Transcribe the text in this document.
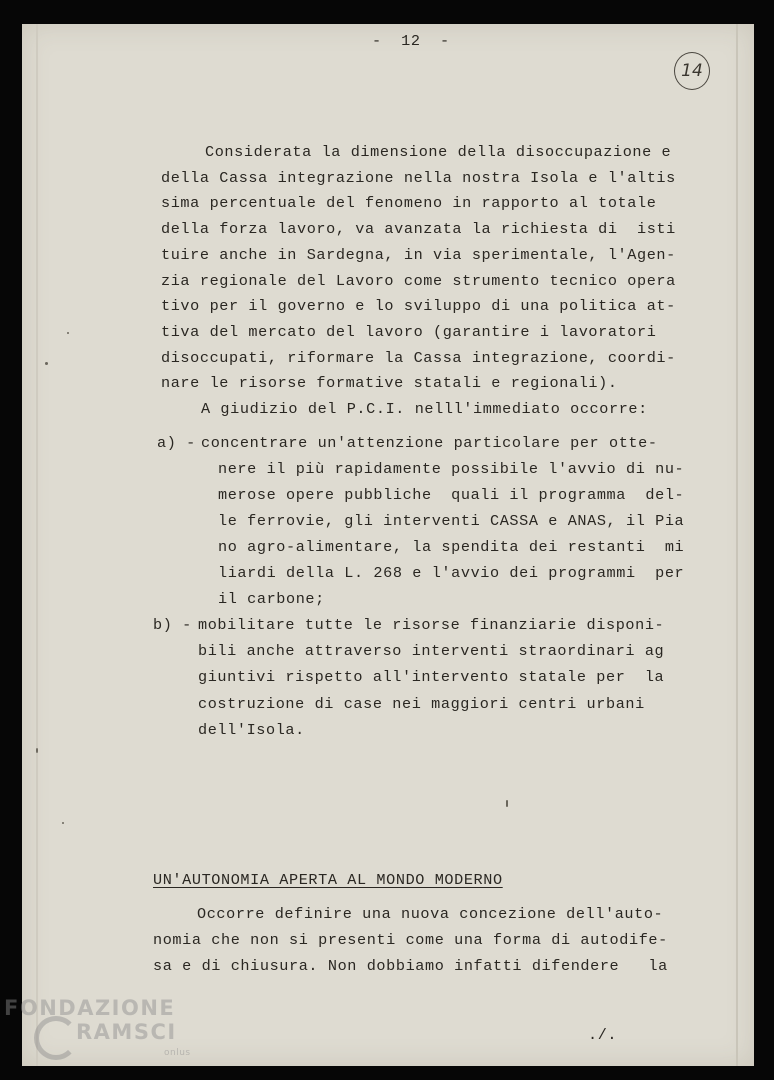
-  12  -
14
Considerata la dimensione della disoccupazione e
della Cassa integrazione nella nostra Isola e l'altis
sima percentuale del fenomeno in rapporto al totale
della forza lavoro, va avanzata la richiesta di  isti
tuire anche in Sardegna, in via sperimentale, l'Agen-
zia regionale del Lavoro come strumento tecnico opera
tivo per il governo e lo sviluppo di una politica at-
tiva del mercato del lavoro (garantire i lavoratori
disoccupati, riformare la Cassa integrazione, coordi-
nare le risorse formative statali e regionali).
A giudizio del P.C.I. nelll'immediato occorre:
a) - concentrare un'attenzione particolare per otte-
nere il più rapidamente possibile l'avvio di nu-
merose opere pubbliche  quali il programma  del-
le ferrovie, gli interventi CASSA e ANAS, il Pia
no agro-alimentare, la spendita dei restanti  mi
liardi della L. 268 e l'avvio dei programmi  per
il carbone;
b) - mobilitare tutte le risorse finanziarie disponi-
bili anche attraverso interventi straordinari ag
giuntivi rispetto all'intervento statale per  la
costruzione di case nei maggiori centri urbani
dell'Isola.
UN'AUTONOMIA APERTA AL MONDO MODERNO
Occorre definire una nuova concezione dell'auto-
nomia che non si presenti come una forma di autodife-
sa e di chiusura. Non dobbiamo infatti difendere   la
./.
FONDAZIONE
RAMSCI
onlus
